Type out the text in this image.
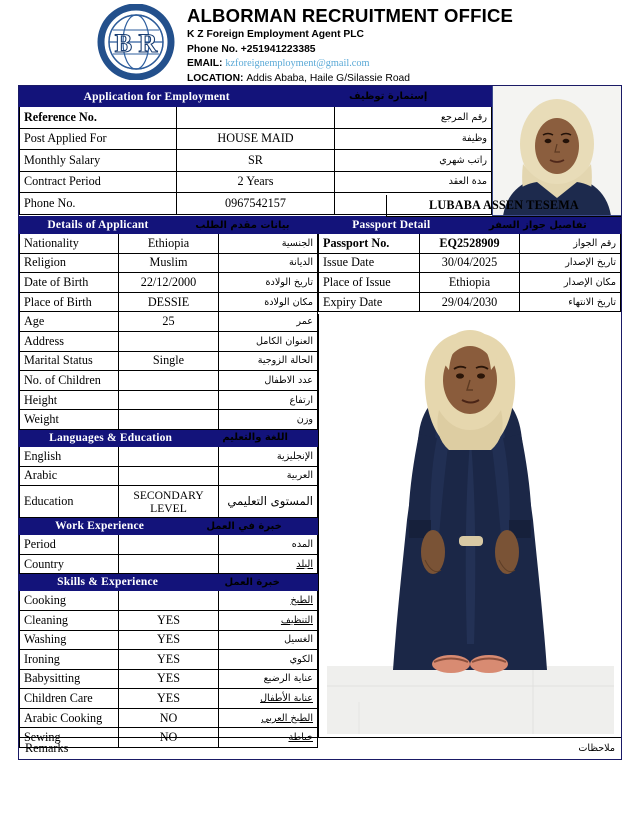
B R
ALBORMAN RECRUITMENT OFFICE
K Z Foreign Employment Agent PLC
Phone No. +251941223385
EMAIL: kzforeignemployment@gmail.com
LOCATION: Addis Ababa, Haile G/Silassie Road
Application for Employment إستمارة توظيف		

Reference No.		رقم المرجع
Post Applied For	HOUSE MAID	وظيفة
Monthly Salary	SR	راتب شهري
Contract Period	2 Years	مدة العقد
Phone No.	0967542157		LUBABA ASSEN TESEMA
Details of Applicant بيانات مقدم الطلب		

Nationality	Ethiopia	الجنسية
Religion	Muslim	الديانة
Date of Birth	22/12/2000	تاريخ الولادة
Place of Birth	DESSIE	مكان الولادة
Age	25	عمر
Address		العنوان الكامل
Marital Status	Single	الحالة الزوجية
No. of Children		عدد الاطفال
Height		ارتفاع
Weight		وزن

Languages & Education اللغة والتعليم		

English		الإنجليزية
Arabic		العربية
Education	SECONDARY LEVEL	المستوى التعليمي

Work Experience خبرة في العمل		

Period		المده
Country		البلد

Skills & Experience خبرة العمل		

Cooking		الطبخ
Cleaning	YES	التنظيف
Washing	YES	الغسيل
Ironing	YES	الكوي
Babysitting	YES	عناية الرضيع
Children Care	YES	عناية الأطفال
Arabic Cooking	NO	الطبخ العربي
Sewing	NO	خياطة
Passport Detail تفاصيل جواز السفر		

Passport No.	EQ2528909	رقم الجواز
Issue Date	30/04/2025	تاريخ الإصدار
Place of Issue	Ethiopia	مكان الإصدار
Expiry Date	29/04/2030	تاريخ الانتهاء
Remarks	ملاحظات
